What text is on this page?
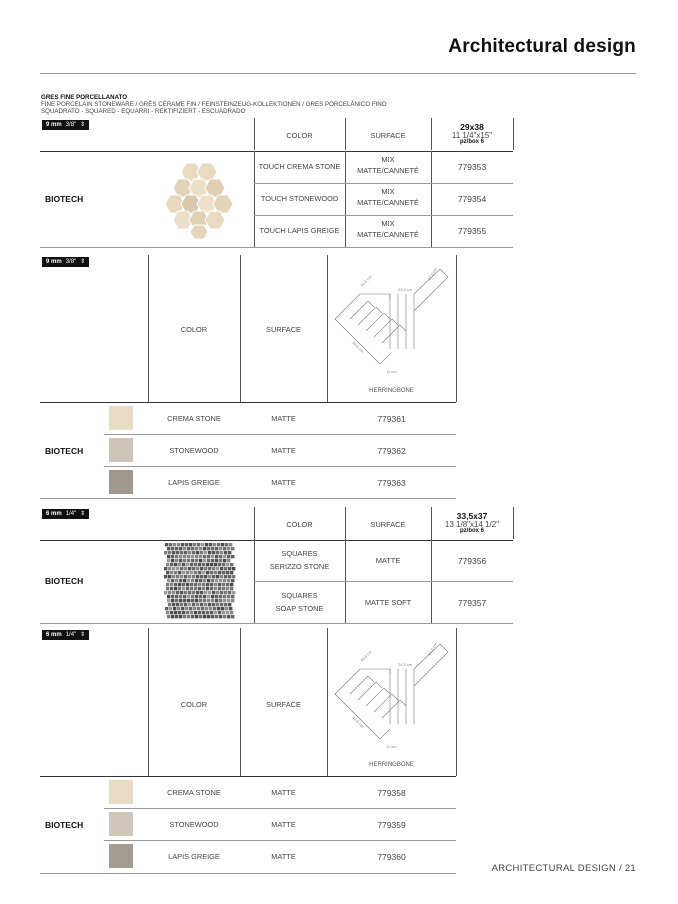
Architectural design
GRES FINE PORCELLANATO
FINE PORCELAIN STONEWARE / GRÈS CÉRAME FIN / FEINSTEINZEUG-KOLLEKTIONEN / GRES PORCELÁNICO FINO
SQUADRATO - SQUARED - EQUARRI - REKTIFIZIERT - ESCUADRADO
9 mm 3/8" ⇕
COLOR	SURFACE
29x38
11 1/4"x15"
pz/box 6
BIOTECH
TOUCH CREMA STONE
MIX
MATTE/CANNETÉ	779353
TOUCH STONEWOOD
MIX
MATTE/CANNETÉ	779354
TOUCH LAPIS GREIGE
MIX
MATTE/CANNETÉ	779355
9 mm 3/8" ⇕
COLOR	SURFACE
44,5 cm
24,5 cm
44,5 cm
44,5 cm
11 cm
HERRINGBONE
BIOTECH
CREMA STONE	MATTE	779361
STONEWOOD	MATTE	779362
LAPIS GREIGE	MATTE	779363
6 mm 1/4" ⇕
COLOR	SURFACE
33,5x37
13 1/8"x14 1/2"
pz/box 6
BIOTECH
SQUARES
SERIZZO STONE
MATTE	779356
SQUARES
SOAP STONE
MATTE SOFT	779357
6 mm 1/4" ⇕
COLOR	SURFACE
44,5 cm
24,5 cm
44,5 cm
44,5 cm
11 cm
HERRINGBONE
BIOTECH
CREMA STONE	MATTE	779358
STONEWOOD	MATTE	779359
LAPIS GREIGE	MATTE	779360
ARCHITECTURAL DESIGN / 21
